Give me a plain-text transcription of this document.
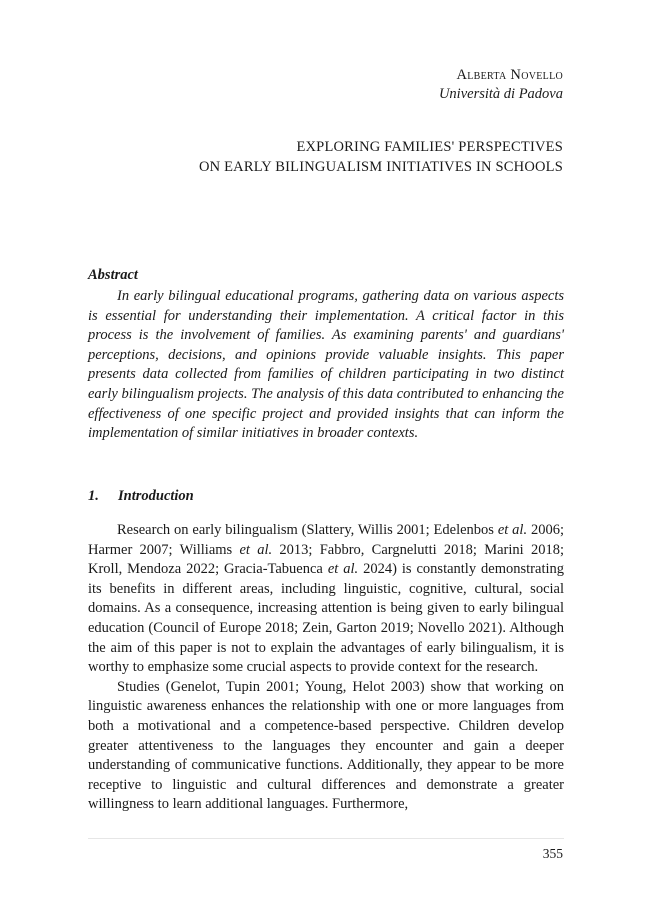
Alberta Novello
Università di Padova
EXPLORING FAMILIES' PERSPECTIVES
ON EARLY BILINGUALISM INITIATIVES IN SCHOOLS
Abstract

In early bilingual educational programs, gathering data on various aspects is essential for understanding their implementation. A critical factor in this process is the involvement of families. As examining parents' and guardians' perceptions, decisions, and opinions provide valuable insights. This paper presents data collected from families of children participating in two distinct early bilingualism projects. The analysis of this data contributed to enhancing the effectiveness of one specific project and provided insights that can inform the implementation of similar initiatives in broader contexts.

1. Introduction

Research on early bilingualism (Slattery, Willis 2001; Edelenbos et al. 2006; Harmer 2007; Williams et al. 2013; Fabbro, Cargnelutti 2018; Marini 2018; Kroll, Mendoza 2022; Gracia-Tabuenca et al. 2024) is constantly demonstrating its benefits in different areas, including linguistic, cognitive, cultural, social domains. As a consequence, increasing attention is being given to early bilingual education (Council of Europe 2018; Zein, Garton 2019; Novello 2021). Although the aim of this paper is not to explain the advantages of early bilingualism, it is worthy to emphasize some crucial aspects to provide context for the research.

Studies (Genelot, Tupin 2001; Young, Helot 2003) show that working on linguistic awareness enhances the relationship with one or more languages from both a motivational and a competence-based perspective. Children develop greater attentiveness to the languages they encounter and gain a deeper understanding of communicative functions. Additionally, they appear to be more receptive to linguistic and cultural differences and demonstrate a greater willingness to learn additional languages. Furthermore,

355
